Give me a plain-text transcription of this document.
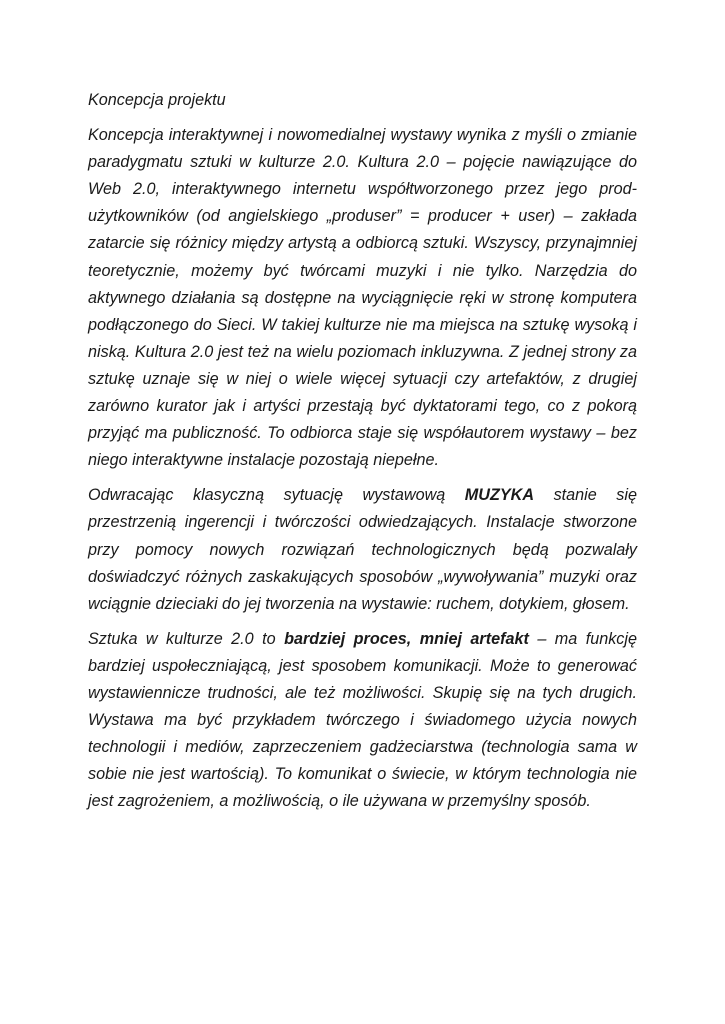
Koncepcja projektu

Koncepcja interaktywnej i nowomedialnej wystawy wynika z myśli o zmianie paradygmatu sztuki w kulturze 2.0. Kultura 2.0 – pojęcie nawiązujące do Web 2.0, interaktywnego internetu współtworzonego przez jego prod-użytkowników (od angielskiego „produser” = producer + user) – zakłada zatarcie się różnicy między artystą a odbiorcą sztuki. Wszyscy, przynajmniej teoretycznie, możemy być twórcami muzyki i nie tylko. Narzędzia do aktywnego działania są dostępne na wyciągnięcie ręki w stronę komputera podłączonego do Sieci. W takiej kulturze nie ma miejsca na sztukę wysoką i niską. Kultura 2.0 jest też na wielu poziomach inkluzywna. Z jednej strony za sztukę uznaje się w niej o wiele więcej sytuacji czy artefaktów, z drugiej zarówno kurator jak i artyści przestają być dyktatorami tego, co z pokorą przyjąć ma publiczność. To odbiorca staje się współautorem wystawy – bez niego interaktywne instalacje pozostają niepełne.

Odwracając klasyczną sytuację wystawową MUZYKA stanie się przestrzenią ingerencji i twórczości odwiedzających. Instalacje stworzone przy pomocy nowych rozwiązań technologicznych będą pozwalały doświadczyć różnych zaskakujących sposobów „wywoływania” muzyki oraz wciągnie dzieciaki do jej tworzenia na wystawie: ruchem, dotykiem, głosem.

Sztuka w kulturze 2.0 to bardziej proces, mniej artefakt – ma funkcję bardziej uspołeczniającą, jest sposobem komunikacji. Może to generować wystawiennicze trudności, ale też możliwości. Skupię się na tych drugich. Wystawa ma być przykładem twórczego i świadomego użycia nowych technologii i mediów, zaprzeczeniem gadżeciarstwa (technologia sama w sobie nie jest wartością). To komunikat o świecie, w którym technologia nie jest zagrożeniem, a możliwością, o ile używana w przemyślny sposób.
